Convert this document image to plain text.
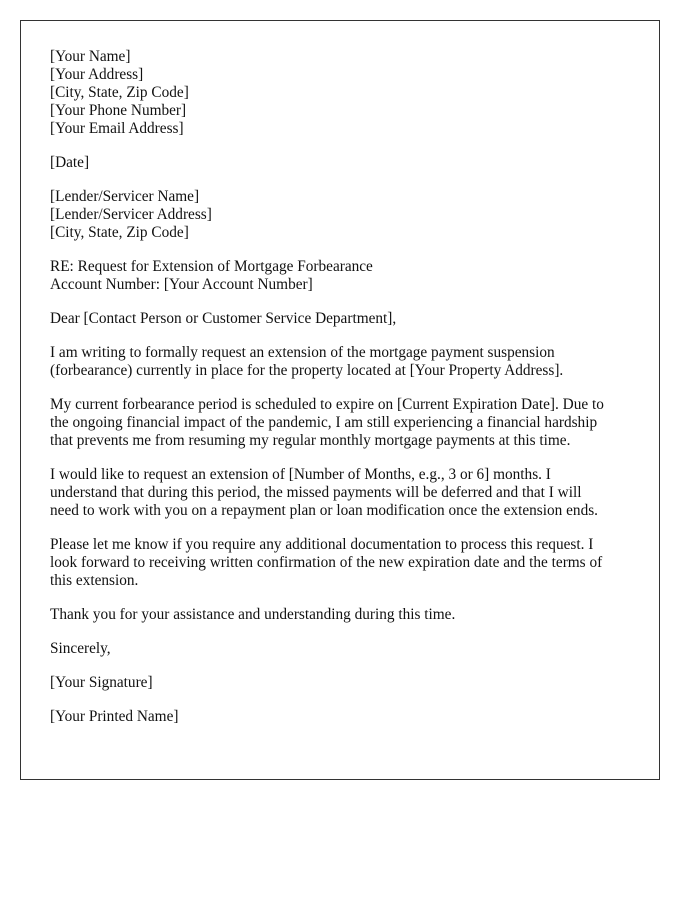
[Your Name]
[Your Address]
[City, State, Zip Code]
[Your Phone Number]
[Your Email Address]
[Date]
[Lender/Servicer Name]
[Lender/Servicer Address]
[City, State, Zip Code]
RE: Request for Extension of Mortgage Forbearance
Account Number: [Your Account Number]
Dear [Contact Person or Customer Service Department],

I am writing to formally request an extension of the mortgage payment suspension
(forbearance) currently in place for the property located at [Your Property Address].

My current forbearance period is scheduled to expire on [Current Expiration Date]. Due to
the ongoing financial impact of the pandemic, I am still experiencing a financial hardship
that prevents me from resuming my regular monthly mortgage payments at this time.

I would like to request an extension of [Number of Months, e.g., 3 or 6] months. I
understand that during this period, the missed payments will be deferred and that I will
need to work with you on a repayment plan or loan modification once the extension ends.

Please let me know if you require any additional documentation to process this request. I
look forward to receiving written confirmation of the new expiration date and the terms of
this extension.

Thank you for your assistance and understanding during this time.

Sincerely,

[Your Signature]

[Your Printed Name]
